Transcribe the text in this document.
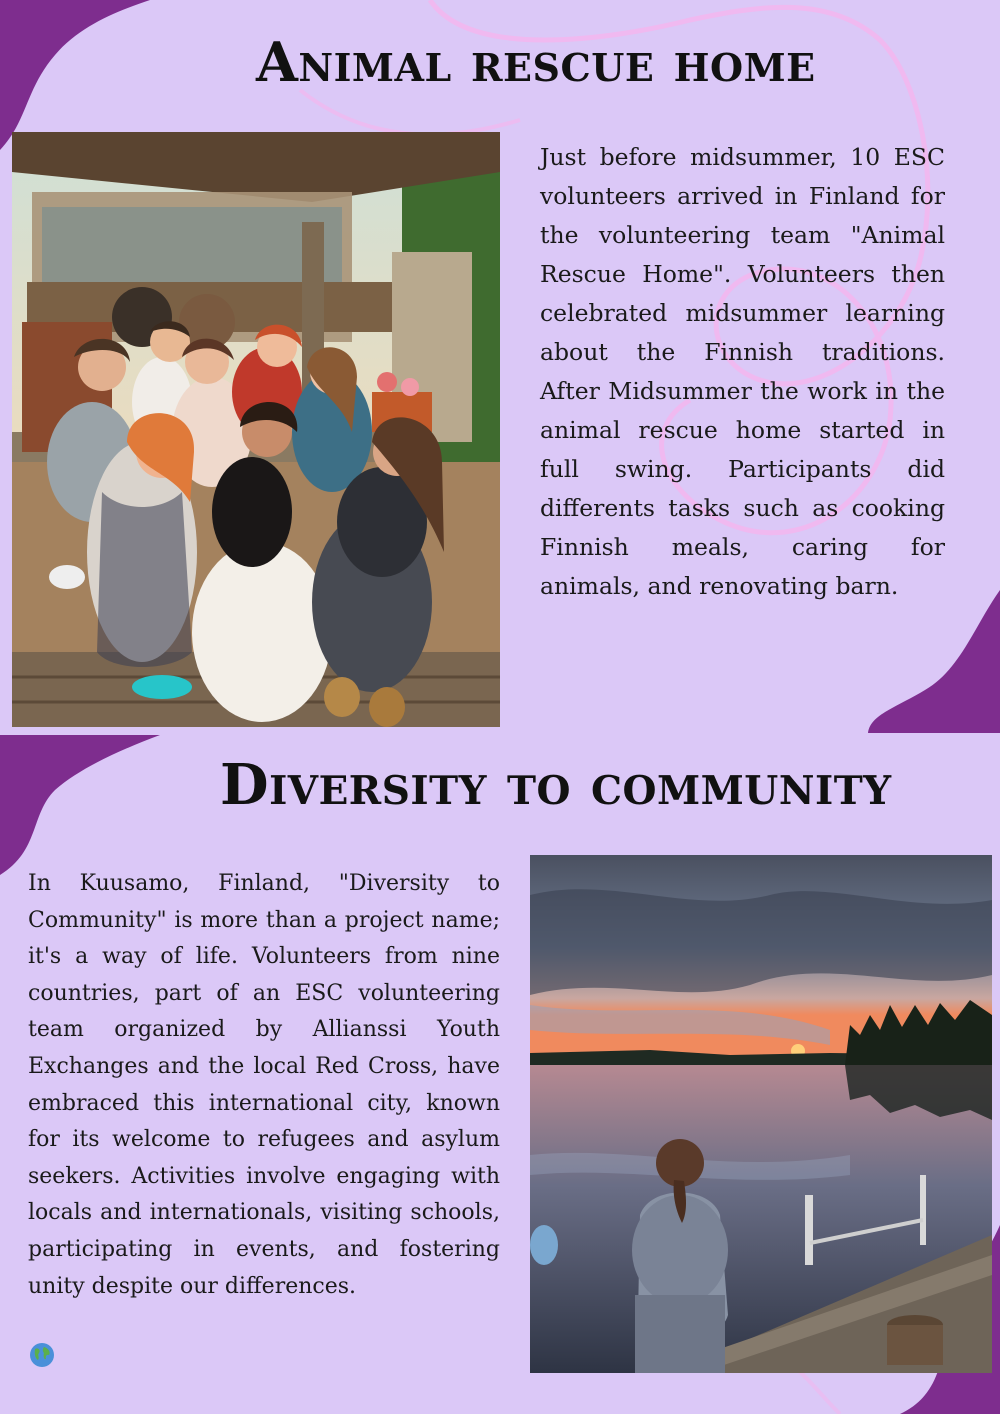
Animal rescue home

Just before midsummer, 10 ESC volunteers arrived in Finland for the volunteering team "Animal Rescue Home". Volunteers then celebrated midsummer learning about the Finnish traditions. After Midsummer the work in the animal rescue home started in full swing. Participants did differents tasks such as cooking Finnish meals, caring for animals, and renovating barn.

Diversity to community

In Kuusamo, Finland, "Diversity to Community" is more than a project name; it's a way of life. Volunteers from nine countries, part of an ESC volunteering team organized by Allianssi Youth Exchanges and the local Red Cross, have embraced this international city, known for its welcome to refugees and asylum seekers. Activities involve engaging with locals and internationals, visiting schools, participating in events, and fostering unity despite our differences.
